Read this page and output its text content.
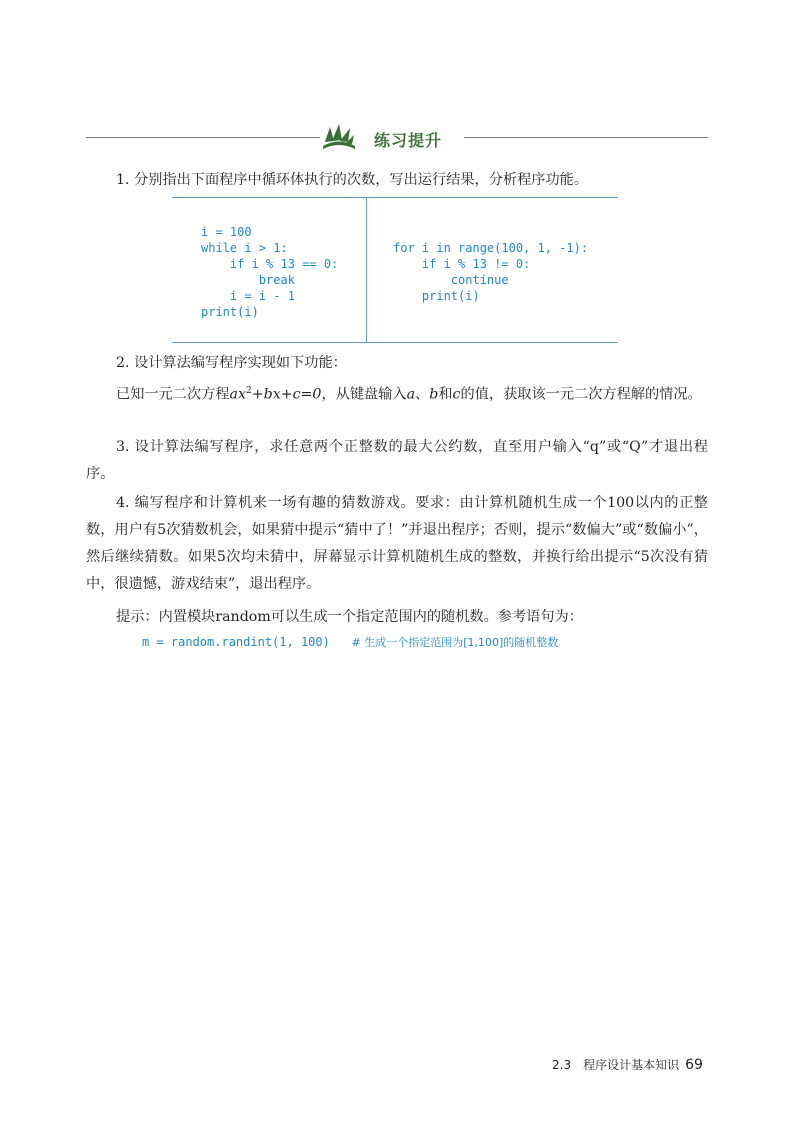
练习提升
1. 分别指出下面程序中循环体执行的次数，写出运行结果，分析程序功能。
i = 100
while i > 1:
if i % 13 == 0:
break
i = i - 1
print(i)
for i in range(100, 1, -1):
if i % 13 != 0:
continue
print(i)
2. 设计算法编写程序实现如下功能：
已知一元二次方程$ax^2+bx+c=0$，从键盘输入a、b和c的值，获取该一元二次方程解的情况。
3. 设计算法编写程序，求任意两个正整数的最大公约数，直至用户输入“q”或“Q”才退出程序。
4. 编写程序和计算机来一场有趣的猜数游戏。要求：由计算机随机生成一个100以内的正整数，用户有5次猜数机会，如果猜中提示“猜中了！”并退出程序；否则，提示“数偏大”或“数偏小”，然后继续猜数。如果5次均未猜中，屏幕显示计算机随机生成的整数，并换行给出提示“5次没有猜中，很遗憾，游戏结束”，退出程序。
提示：内置模块random可以生成一个指定范围内的随机数。参考语句为：
m = random.randint(1, 100)   # 生成一个指定范围为[1,100]的随机整数
2.3　程序设计基本知识 69
